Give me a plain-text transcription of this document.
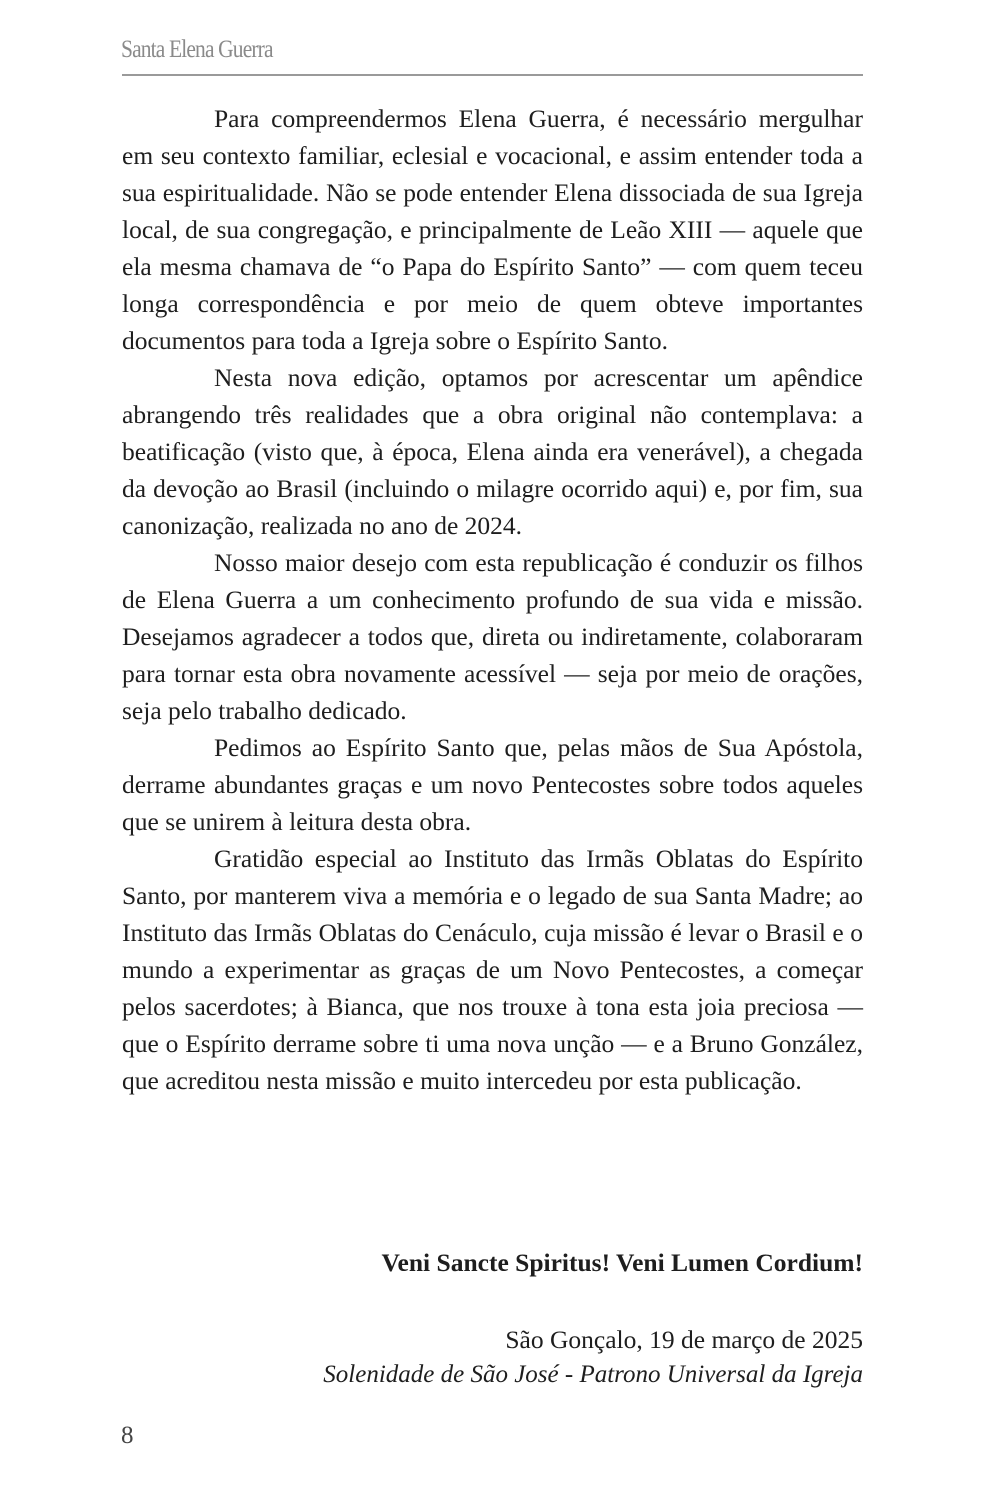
Santa Elena Guerra

Para compreendermos Elena Guerra, é necessário mergulhar em seu contexto familiar, eclesial e vocacional, e assim entender toda a sua espiritualidade. Não se pode entender Elena dissociada de sua Igreja local, de sua congregação, e principalmente de Leão XIII — aquele que ela mesma chamava de “o Papa do Espírito Santo” — com quem teceu longa correspondência e por meio de quem obteve importantes documentos para toda a Igreja sobre o Espírito Santo.

Nesta nova edição, optamos por acrescentar um apêndice abrangendo três realidades que a obra original não contemplava: a beatificação (visto que, à época, Elena ainda era venerável), a chegada da devoção ao Brasil (incluindo o milagre ocorrido aqui) e, por fim, sua canonização, realizada no ano de 2024.

Nosso maior desejo com esta republicação é conduzir os filhos de Elena Guerra a um conhecimento profundo de sua vida e missão. Desejamos agradecer a todos que, direta ou indiretamente, colaboraram para tornar esta obra novamente acessível — seja por meio de orações, seja pelo trabalho dedicado.

Pedimos ao Espírito Santo que, pelas mãos de Sua Apóstola, derrame abundantes graças e um novo Pentecostes sobre todos aqueles que se unirem à leitura desta obra.

Gratidão especial ao Instituto das Irmãs Oblatas do Espírito Santo, por manterem viva a memória e o legado de sua Santa Madre; ao Instituto das Irmãs Oblatas do Cenáculo, cuja missão é levar o Brasil e o mundo a experimentar as graças de um Novo Pentecostes, a começar pelos sacerdotes; à Bianca, que nos trouxe à tona esta joia preciosa — que o Espírito derrame sobre ti uma nova unção — e a Bruno González, que acreditou nesta missão e muito intercedeu por esta publicação.

Veni Sancte Spiritus! Veni Lumen Cordium!
São Gonçalo, 19 de março de 2025
Solenidade de São José - Patrono Universal da Igreja
8
